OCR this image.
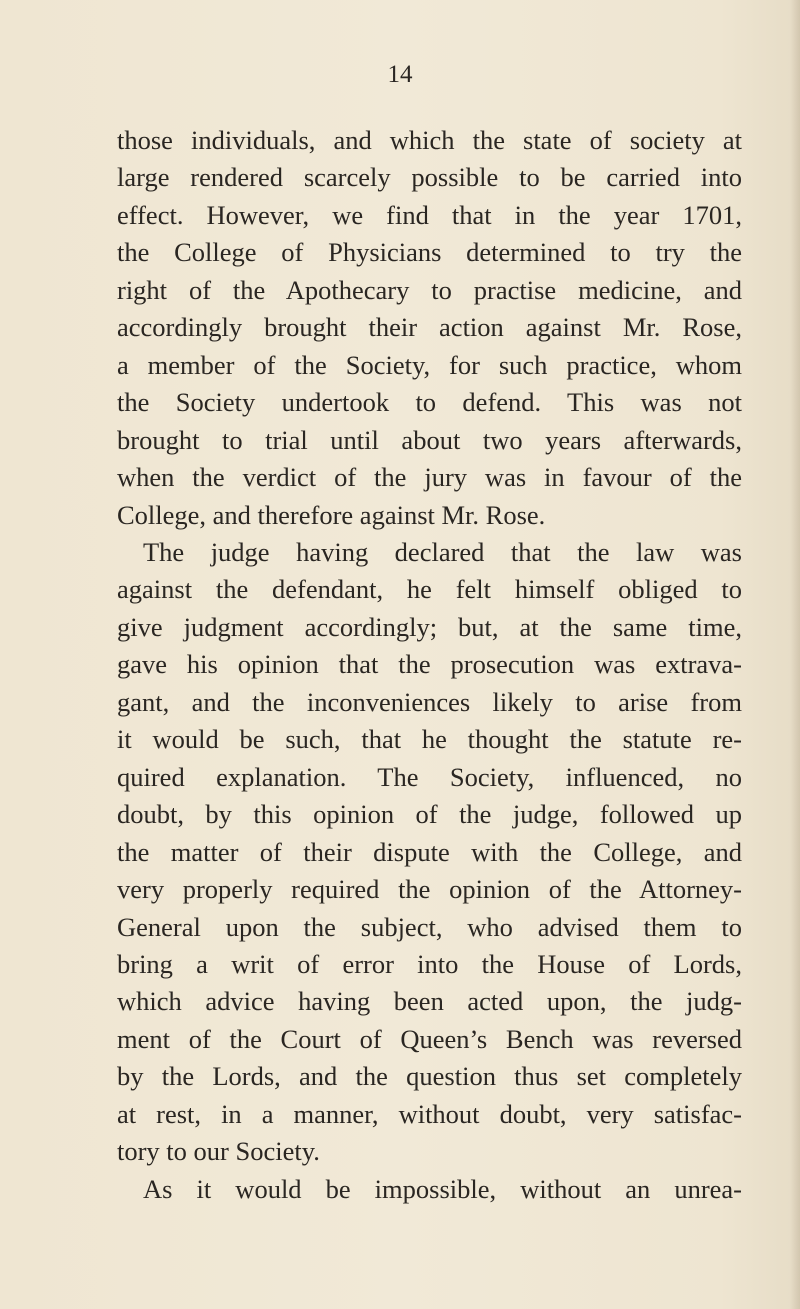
14
those individuals, and which the state of society at
large rendered scarcely possible to be carried into
effect. However, we find that in the year 1701,
the College of Physicians determined to try the
right of the Apothecary to practise medicine, and
accordingly brought their action against Mr. Rose,
a member of the Society, for such practice, whom
the Society undertook to defend. This was not
brought to trial until about two years afterwards,
when the verdict of the jury was in favour of the
College, and therefore against Mr. Rose.
The judge having declared that the law was
against the defendant, he felt himself obliged to
give judgment accordingly; but, at the same time,
gave his opinion that the prosecution was extrava-
gant, and the inconveniences likely to arise from
it would be such, that he thought the statute re-
quired explanation. The Society, influenced, no
doubt, by this opinion of the judge, followed up
the matter of their dispute with the College, and
very properly required the opinion of the Attorney-
General upon the subject, who advised them to
bring a writ of error into the House of Lords,
which advice having been acted upon, the judg-
ment of the Court of Queen’s Bench was reversed
by the Lords, and the question thus set completely
at rest, in a manner, without doubt, very satisfac-
tory to our Society.
As it would be impossible, without an unrea-
